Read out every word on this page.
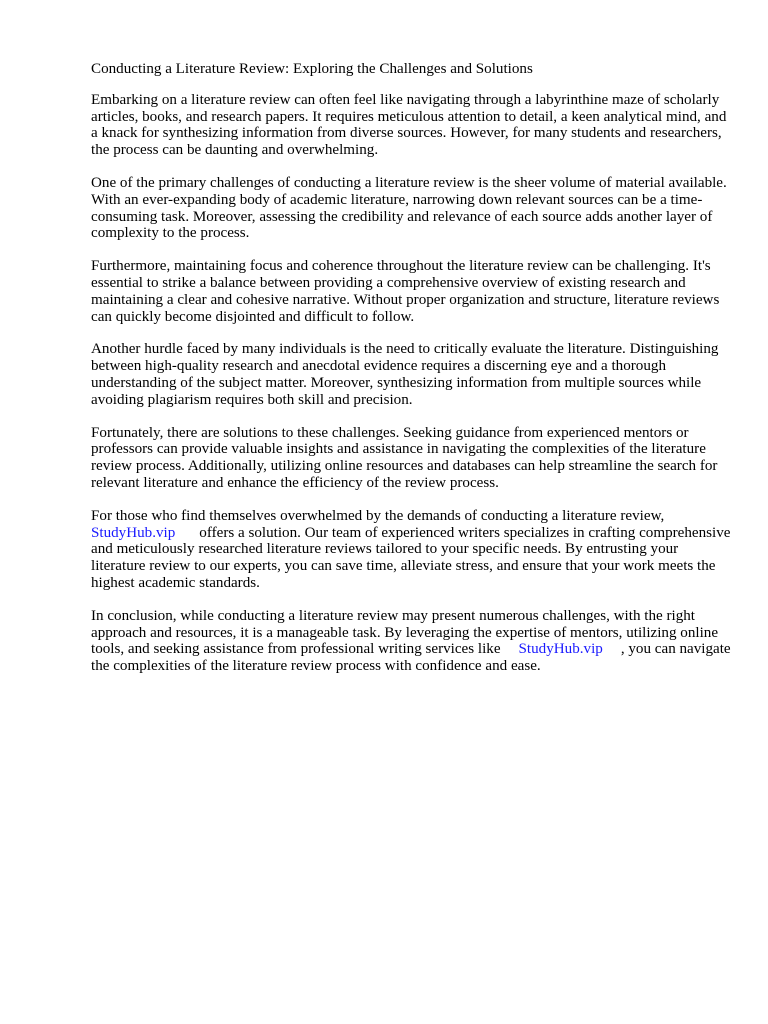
Conducting a Literature Review: Exploring the Challenges and Solutions

Embarking on a literature review can often feel like navigating through a labyrinthine maze of scholarly articles, books, and research papers. It requires meticulous attention to detail, a keen analytical mind, and a knack for synthesizing information from diverse sources. However, for many students and researchers, the process can be daunting and overwhelming.

One of the primary challenges of conducting a literature review is the sheer volume of material available. With an ever-expanding body of academic literature, narrowing down relevant sources can be a time-consuming task. Moreover, assessing the credibility and relevance of each source adds another layer of complexity to the process.

Furthermore, maintaining focus and coherence throughout the literature review can be challenging. It's essential to strike a balance between providing a comprehensive overview of existing research and maintaining a clear and cohesive narrative. Without proper organization and structure, literature reviews can quickly become disjointed and difficult to follow.

Another hurdle faced by many individuals is the need to critically evaluate the literature. Distinguishing between high-quality research and anecdotal evidence requires a discerning eye and a thorough understanding of the subject matter. Moreover, synthesizing information from multiple sources while avoiding plagiarism requires both skill and precision.

Fortunately, there are solutions to these challenges. Seeking guidance from experienced mentors or professors can provide valuable insights and assistance in navigating the complexities of the literature review process. Additionally, utilizing online resources and databases can help streamline the search for relevant literature and enhance the efficiency of the review process.

For those who find themselves overwhelmed by the demands of conducting a literature review,
StudyHub.vip offers a solution. Our team of experienced writers specializes in crafting comprehensive and meticulously researched literature reviews tailored to your specific needs. By entrusting your literature review to our experts, you can save time, alleviate stress, and ensure that your work meets the highest academic standards.

In conclusion, while conducting a literature review may present numerous challenges, with the right approach and resources, it is a manageable task. By leveraging the expertise of mentors, utilizing online tools, and seeking assistance from professional writing services like StudyHub.vip , you can navigate the complexities of the literature review process with confidence and ease.
